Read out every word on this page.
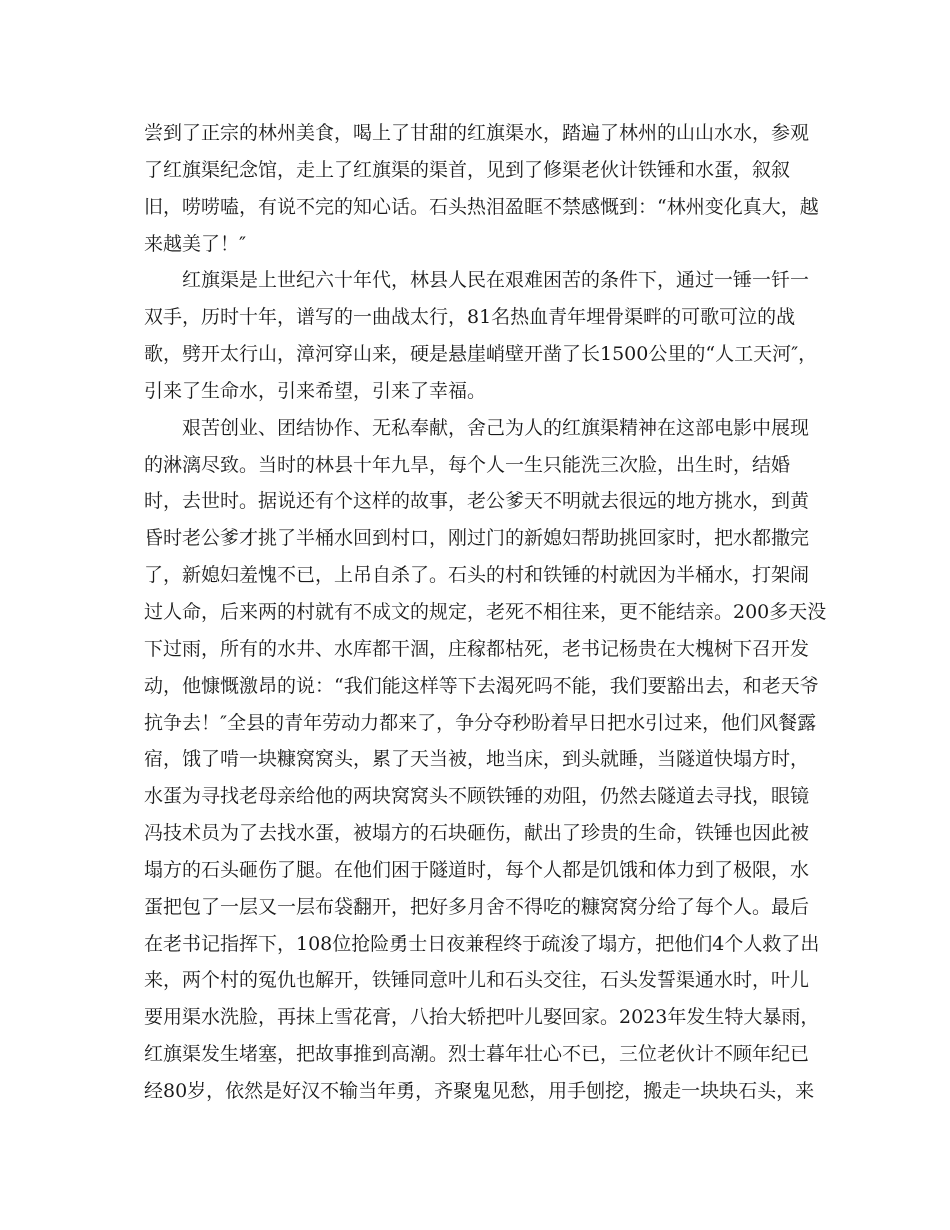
尝到了正宗的林州美食，喝上了甘甜的红旗渠水，踏遍了林州的山山水水，参观
了红旗渠纪念馆，走上了红旗渠的渠首，见到了修渠老伙计铁锤和水蛋，叙叙
旧，唠唠嗑，有说不完的知心话。石头热泪盈眶不禁感慨到：“林州变化真大，越
来越美了！″
红旗渠是上世纪六十年代，林县人民在艰难困苦的条件下，通过一锤一钎一
双手，历时十年，谱写的一曲战太行，81名热血青年埋骨渠畔的可歌可泣的战
歌，劈开太行山，漳河穿山来，硬是悬崖峭壁开凿了长1500公里的“人工天河″，
引来了生命水，引来希望，引来了幸福。
艰苦创业、团结协作、无私奉献，舍己为人的红旗渠精神在这部电影中展现
的淋漓尽致。当时的林县十年九旱，每个人一生只能洗三次脸，出生时，结婚
时，去世时。据说还有个这样的故事，老公爹天不明就去很远的地方挑水，到黄
昏时老公爹才挑了半桶水回到村口，刚过门的新媳妇帮助挑回家时，把水都撒完
了，新媳妇羞愧不已，上吊自杀了。石头的村和铁锤的村就因为半桶水，打架闹
过人命，后来两的村就有不成文的规定，老死不相往来，更不能结亲。200多天没
下过雨，所有的水井、水库都干涸，庄稼都枯死，老书记杨贵在大槐树下召开发
动，他慷慨激昂的说：“我们能这样等下去渴死吗不能，我们要豁出去，和老天爷
抗争去！″全县的青年劳动力都来了，争分夺秒盼着早日把水引过来，他们风餐露
宿，饿了啃一块糠窝窝头，累了天当被，地当床，到头就睡，当隧道快塌方时，
水蛋为寻找老母亲给他的两块窝窝头不顾铁锤的劝阻，仍然去隧道去寻找，眼镜
冯技术员为了去找水蛋，被塌方的石块砸伤，献出了珍贵的生命，铁锤也因此被
塌方的石头砸伤了腿。在他们困于隧道时，每个人都是饥饿和体力到了极限，水
蛋把包了一层又一层布袋翻开，把好多月舍不得吃的糠窝窝分给了每个人。最后
在老书记指挥下，108位抢险勇士日夜兼程终于疏浚了塌方，把他们4个人救了出
来，两个村的冤仇也解开，铁锤同意叶儿和石头交往，石头发誓渠通水时，叶儿
要用渠水洗脸，再抹上雪花膏，八抬大轿把叶儿娶回家。2023年发生特大暴雨，
红旗渠发生堵塞，把故事推到高潮。烈士暮年壮心不已，三位老伙计不顾年纪已
经80岁，依然是好汉不输当年勇，齐聚鬼见愁，用手刨挖，搬走一块块石头，来
